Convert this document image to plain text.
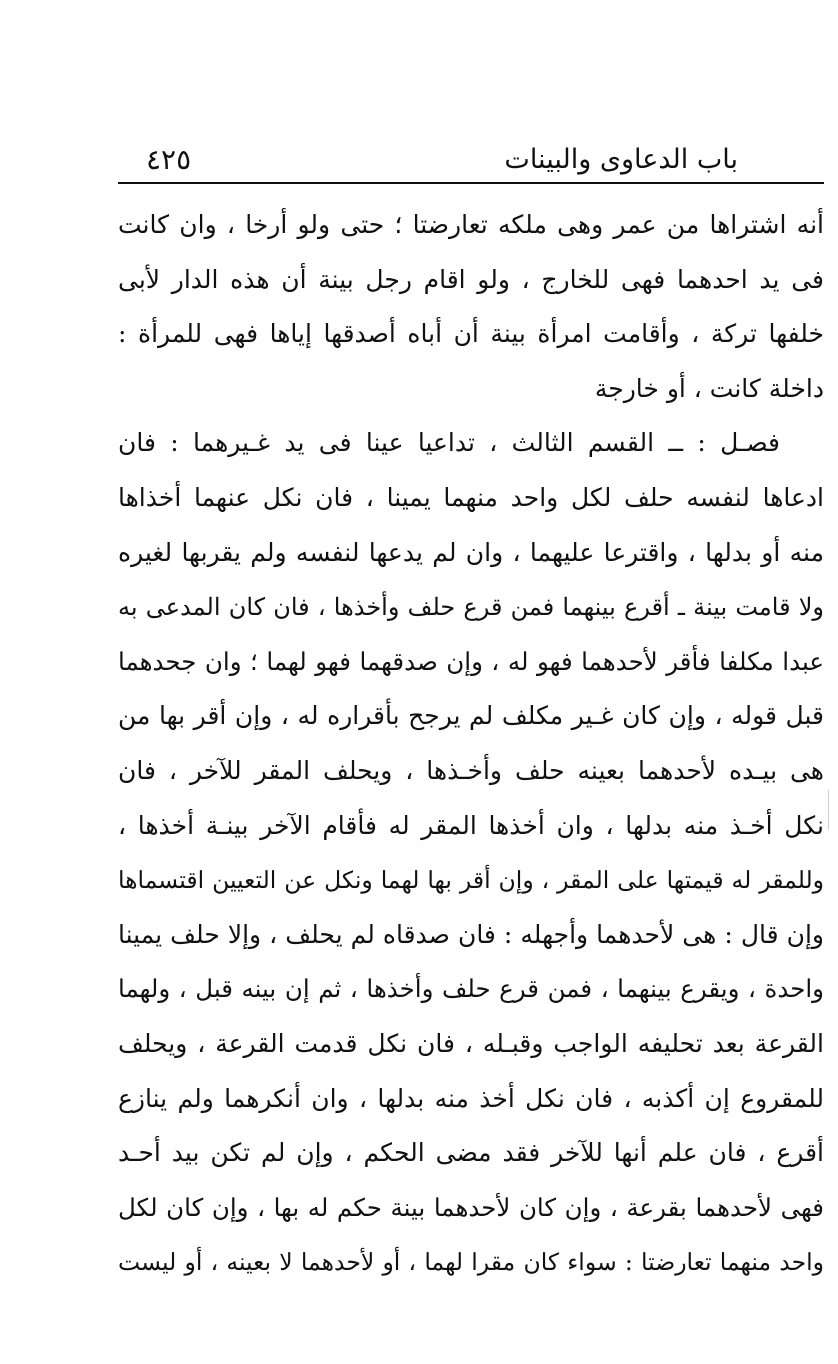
باب الدعاوى والبينات
٤٢٥
أنه اشتراها من عمر وهى ملكه تعارضتا ؛ حتى ولو أرخا ، وان كانت
فى يد احدهما فهى للخارج ، ولو اقام رجل بينة أن هذه الدار لأبى
خلفها تركة ، وأقامت امرأة بينة أن أباه أصدقها إياها فهى للمرأة :
داخلة كانت ، أو خارجة
فصـل : ــ القسم الثالث ، تداعيا عينا فى يد غـيرهما : فان
ادعاها لنفسه حلف لكل واحد منهما يمينا ، فان نكل عنهما أخذاها
منه أو بدلها ، واقترعا عليهما ، وان لم يدعها لنفسه ولم يقربها لغيره
ولا قامت بينة ـ أقرع بينهما فمن قرع حلف وأخذها ، فان كان المدعى به
عبدا مكلفا فأقر لأحدهما فهو له ، وإن صدقهما فهو لهما ؛ وان جحدهما
قبل قوله ، وإن كان غـير مكلف لم يرجح بأقراره له ، وإن أقر بها من
هى بيـده لأحدهما بعينه حلف وأخـذها ، ويحلف المقر للآخر ، فان
نكل أخـذ منه بدلها ، وان أخذها المقر له فأقام الآخر بينـة أخذها ،
وللمقر له قيمتها على المقر ، وإن أقر بها لهما ونكل عن التعيين اقتسماها
وإن قال : هى لأحدهما وأجهله : فان صدقاه لم يحلف ، وإلا حلف يمينا
واحدة ، ويقرع بينهما ، فمن قرع حلف وأخذها ، ثم إن بينه قبل ، ولهما
القرعة بعد تحليفه الواجب وقبـله ، فان نكل قدمت القرعة ، ويحلف
للمقروع إن أكذبه ، فان نكل أخذ منه بدلها ، وان أنكرهما ولم ينازع
أقرع ، فان علم أنها للآخر فقد مضى الحكم ، وإن لم تكن بيد أحـد
فهى لأحدهما بقرعة ، وإن كان لأحدهما بينة حكم له بها ، وإن كان لكل
واحد منهما تعارضتا : سواء كان مقرا لهما ، أو لأحدهما لا بعينه ، أو ليست
